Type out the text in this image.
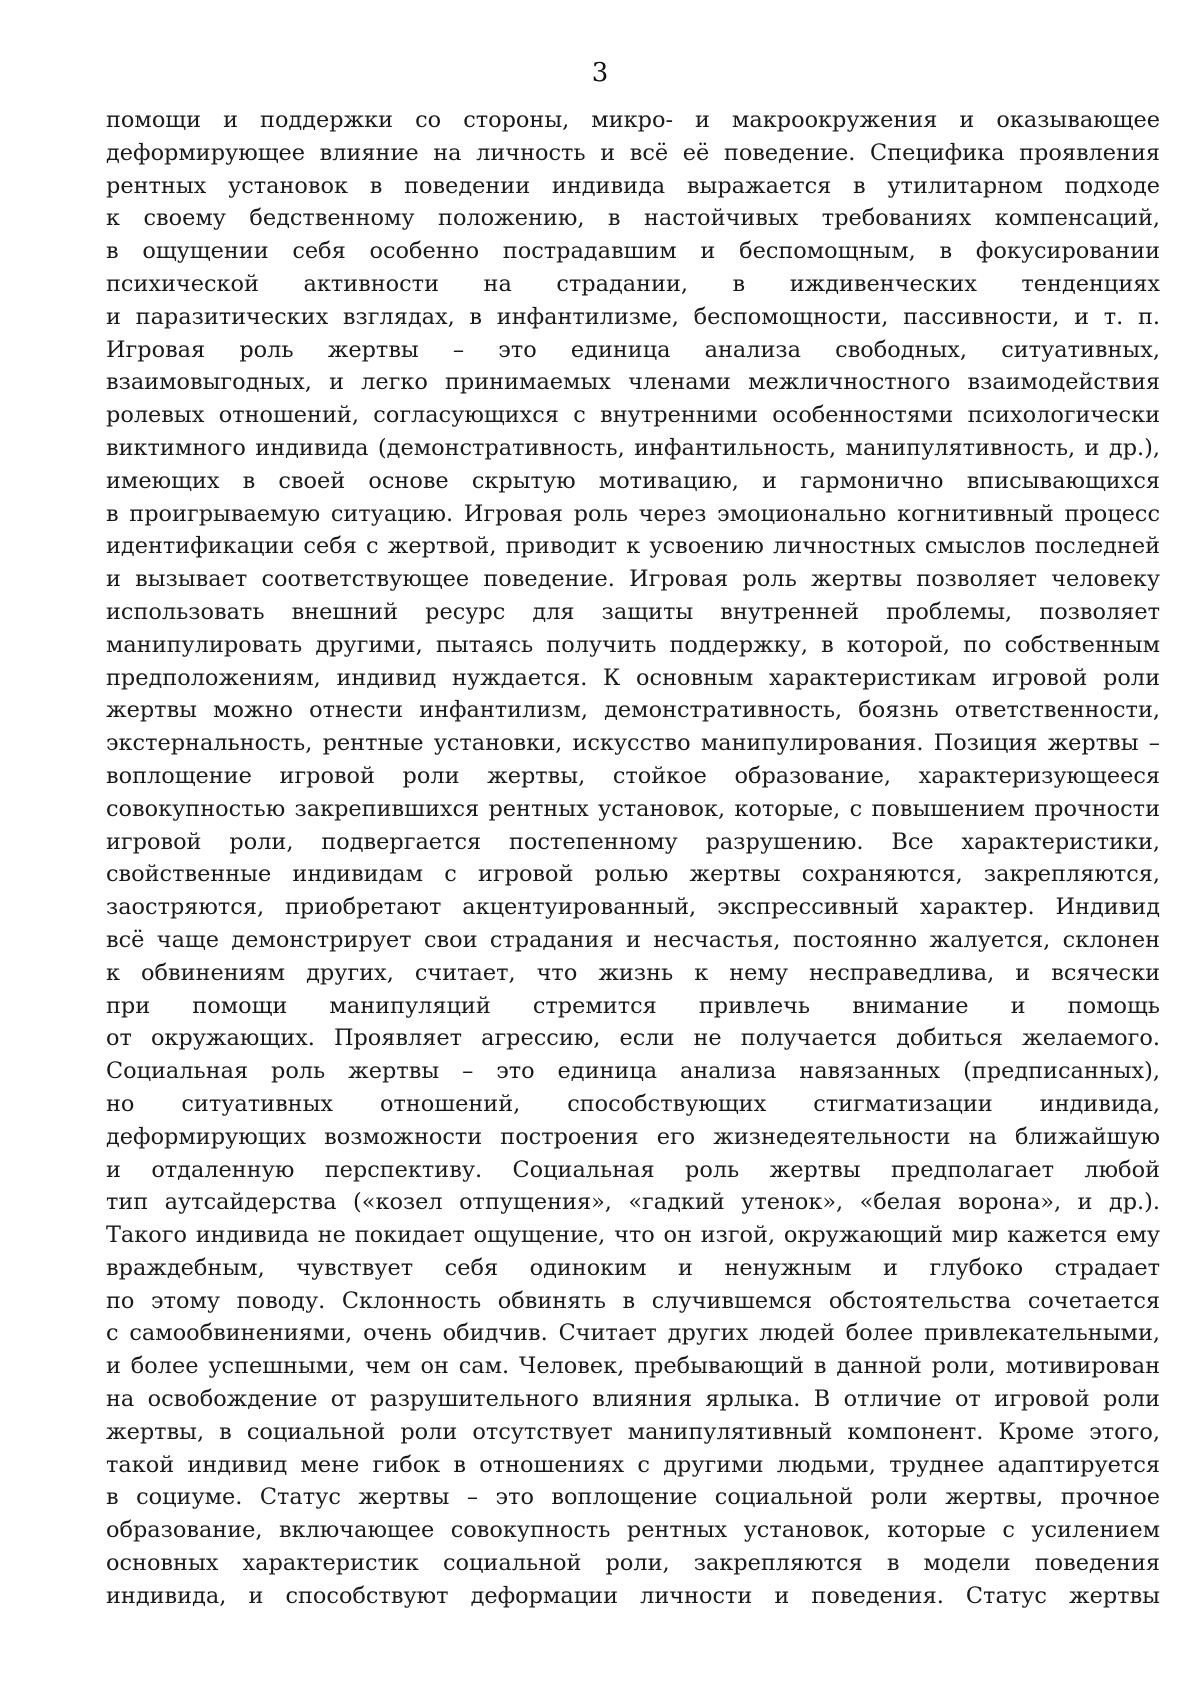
3
помощи и поддержки со стороны, микро- и макроокружения и оказывающее
деформирующее влияние на личность и всё её поведение. Специфика проявления
рентных установок в поведении индивида выражается в утилитарном подходе
к своему бедственному положению, в настойчивых требованиях компенсаций,
в ощущении себя особенно пострадавшим и беспомощным, в фокусировании
психической активности на страдании, в иждивенческих тенденциях
и паразитических взглядах, в инфантилизме, беспомощности, пассивности, и т. п.
Игровая роль жертвы – это единица анализа свободных, ситуативных,
взаимовыгодных, и легко принимаемых членами межличностного взаимодействия
ролевых отношений, согласующихся с внутренними особенностями психологически
виктимного индивида (демонстративность, инфантильность, манипулятивность, и др.),
имеющих в своей основе скрытую мотивацию, и гармонично вписывающихся
в проигрываемую ситуацию. Игровая роль через эмоционально когнитивный процесс
идентификации себя с жертвой, приводит к усвоению личностных смыслов последней
и вызывает соответствующее поведение. Игровая роль жертвы позволяет человеку
использовать внешний ресурс для защиты внутренней проблемы, позволяет
манипулировать другими, пытаясь получить поддержку, в которой, по собственным
предположениям, индивид нуждается. К основным характеристикам игровой роли
жертвы можно отнести инфантилизм, демонстративность, боязнь ответственности,
экстернальность, рентные установки, искусство манипулирования. Позиция жертвы –
воплощение игровой роли жертвы, стойкое образование, характеризующееся
совокупностью закрепившихся рентных установок, которые, с повышением прочности
игровой роли, подвергается постепенному разрушению. Все характеристики,
свойственные индивидам с игровой ролью жертвы сохраняются, закрепляются,
заостряются, приобретают акцентуированный, экспрессивный характер. Индивид
всё чаще демонстрирует свои страдания и несчастья, постоянно жалуется, склонен
к обвинениям других, считает, что жизнь к нему несправедлива, и всячески
при помощи манипуляций стремится привлечь внимание и помощь
от окружающих. Проявляет агрессию, если не получается добиться желаемого.
Социальная роль жертвы – это единица анализа навязанных (предписанных),
но ситуативных отношений, способствующих стигматизации индивида,
деформирующих возможности построения его жизнедеятельности на ближайшую
и отдаленную перспективу. Социальная роль жертвы предполагает любой
тип аутсайдерства («козел отпущения», «гадкий утенок», «белая ворона», и др.).
Такого индивида не покидает ощущение, что он изгой, окружающий мир кажется ему
враждебным, чувствует себя одиноким и ненужным и глубоко страдает
по этому поводу. Склонность обвинять в случившемся обстоятельства сочетается
с самообвинениями, очень обидчив. Считает других людей более привлекательными,
и более успешными, чем он сам. Человек, пребывающий в данной роли, мотивирован
на освобождение от разрушительного влияния ярлыка. В отличие от игровой роли
жертвы, в социальной роли отсутствует манипулятивный компонент. Кроме этого,
такой индивид мене гибок в отношениях с другими людьми, труднее адаптируется
в социуме. Статус жертвы – это воплощение социальной роли жертвы, прочное
образование, включающее совокупность рентных установок, которые с усилением
основных характеристик социальной роли, закрепляются в модели поведения
индивида, и способствуют деформации личности и поведения. Статус жертвы
